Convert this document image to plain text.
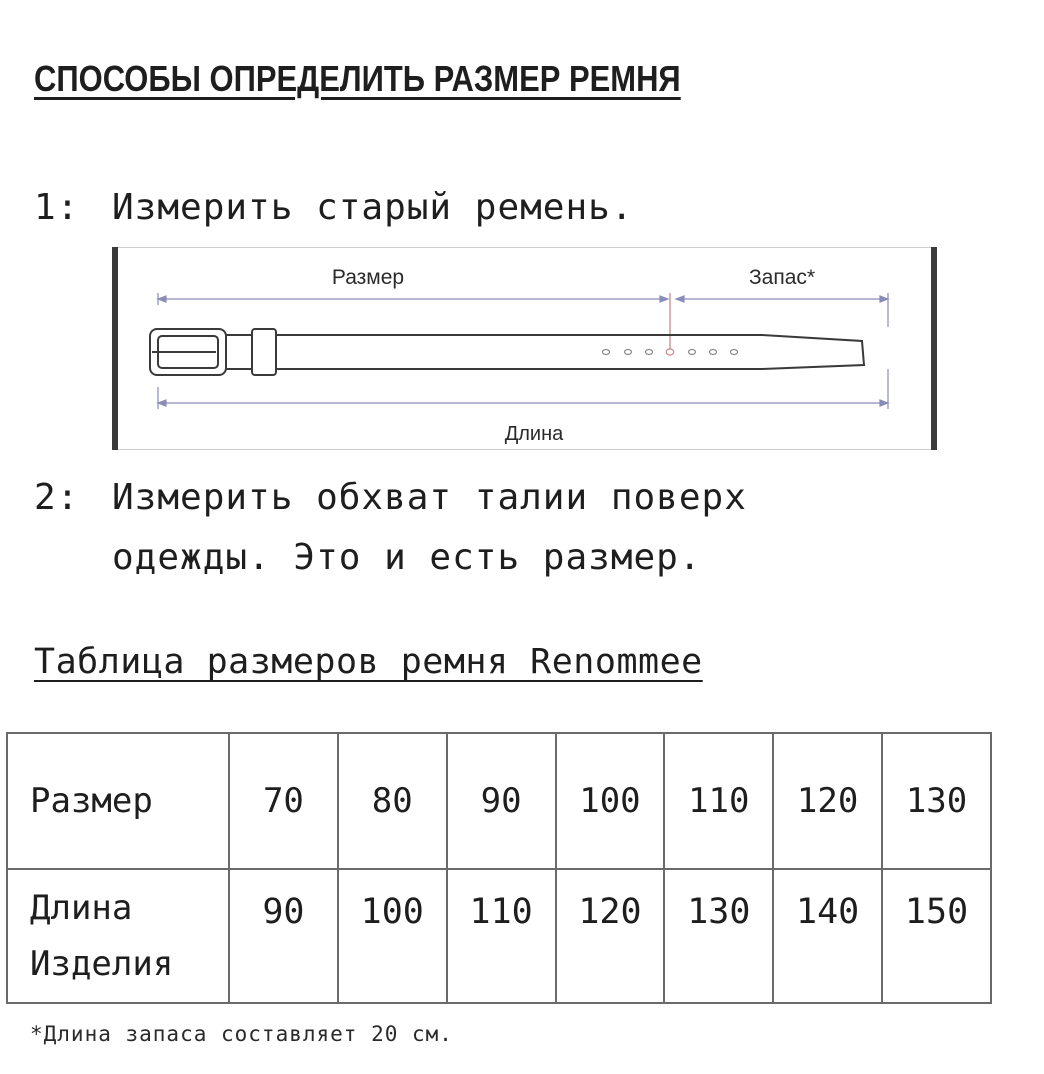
СПОСОБЫ ОПРЕДЕЛИТЬ РАЗМЕР РЕМНЯ
1: Измерить старый ремень.
Размер	Запас*
Длина
2: Измерить обхват талии поверх
одежды. Это и есть размер.
Таблица размеров ремня Renommee
Размер	70	80	90	100	110	120	130
Длина
Изделия	90	100	110	120	130	140	150
*Длина запаса составляет 20 см.
